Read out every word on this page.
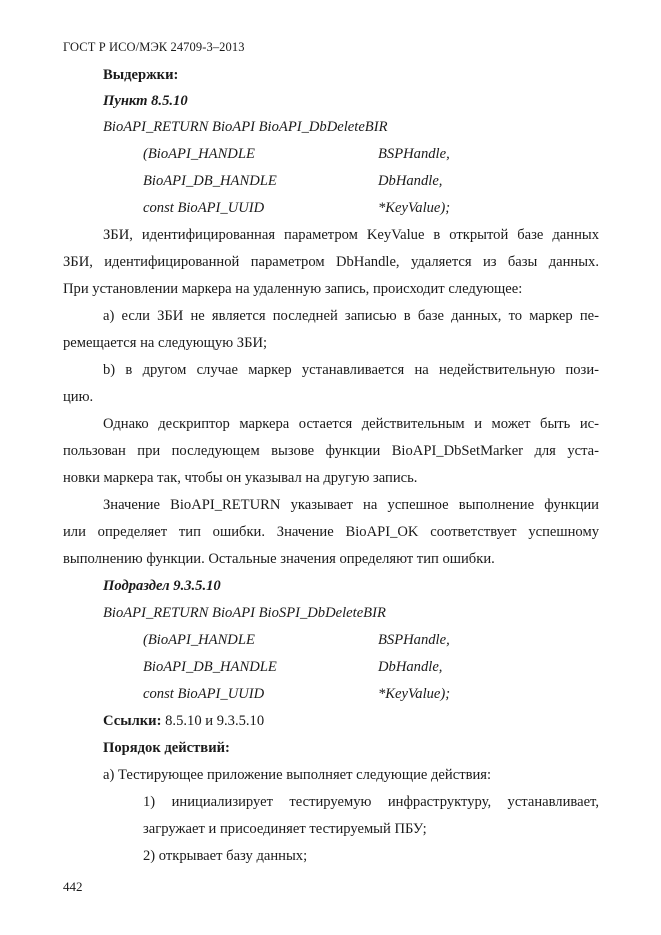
ГОСТ Р ИСО/МЭК 24709-3–2013
Выдержки:
Пункт 8.5.10
BioAPI_RETURN BioAPI BioAPI_DbDeleteBIR
(BioAPI_HANDLE	BSPHandle,
BioAPI_DB_HANDLE	DbHandle,
const BioAPI_UUID	*KeyValue);
ЗБИ, идентифицированная параметром KeyValue в открытой базе данных
ЗБИ, идентифицированной параметром DbHandle, удаляется из базы данных.
При установлении маркера на удаленную запись, происходит следующее:
а) если ЗБИ не является последней записью в базе данных, то маркер пе-
ремещается на следующую ЗБИ;
b) в другом случае маркер устанавливается на недействительную пози-
цию.
Однако дескриптор маркера остается действительным и может быть ис-
пользован при последующем вызове функции BioAPI_DbSetMarker для уста-
новки маркера так, чтобы он указывал на другую запись.
Значение BioAPI_RETURN указывает на успешное выполнение функции
или определяет тип ошибки. Значение BioAPI_OK соответствует успешному
выполнению функции. Остальные значения определяют тип ошибки.
Подраздел 9.3.5.10
BioAPI_RETURN BioAPI BioSPI_DbDeleteBIR
(BioAPI_HANDLE	BSPHandle,
BioAPI_DB_HANDLE	DbHandle,
const BioAPI_UUID	*KeyValue);
Ссылки: 8.5.10 и 9.3.5.10
Порядок действий:
а) Тестирующее приложение выполняет следующие действия:
1) инициализирует тестируемую инфраструктуру, устанавливает,
загружает и присоединяет тестируемый ПБУ;
2) открывает базу данных;
442
